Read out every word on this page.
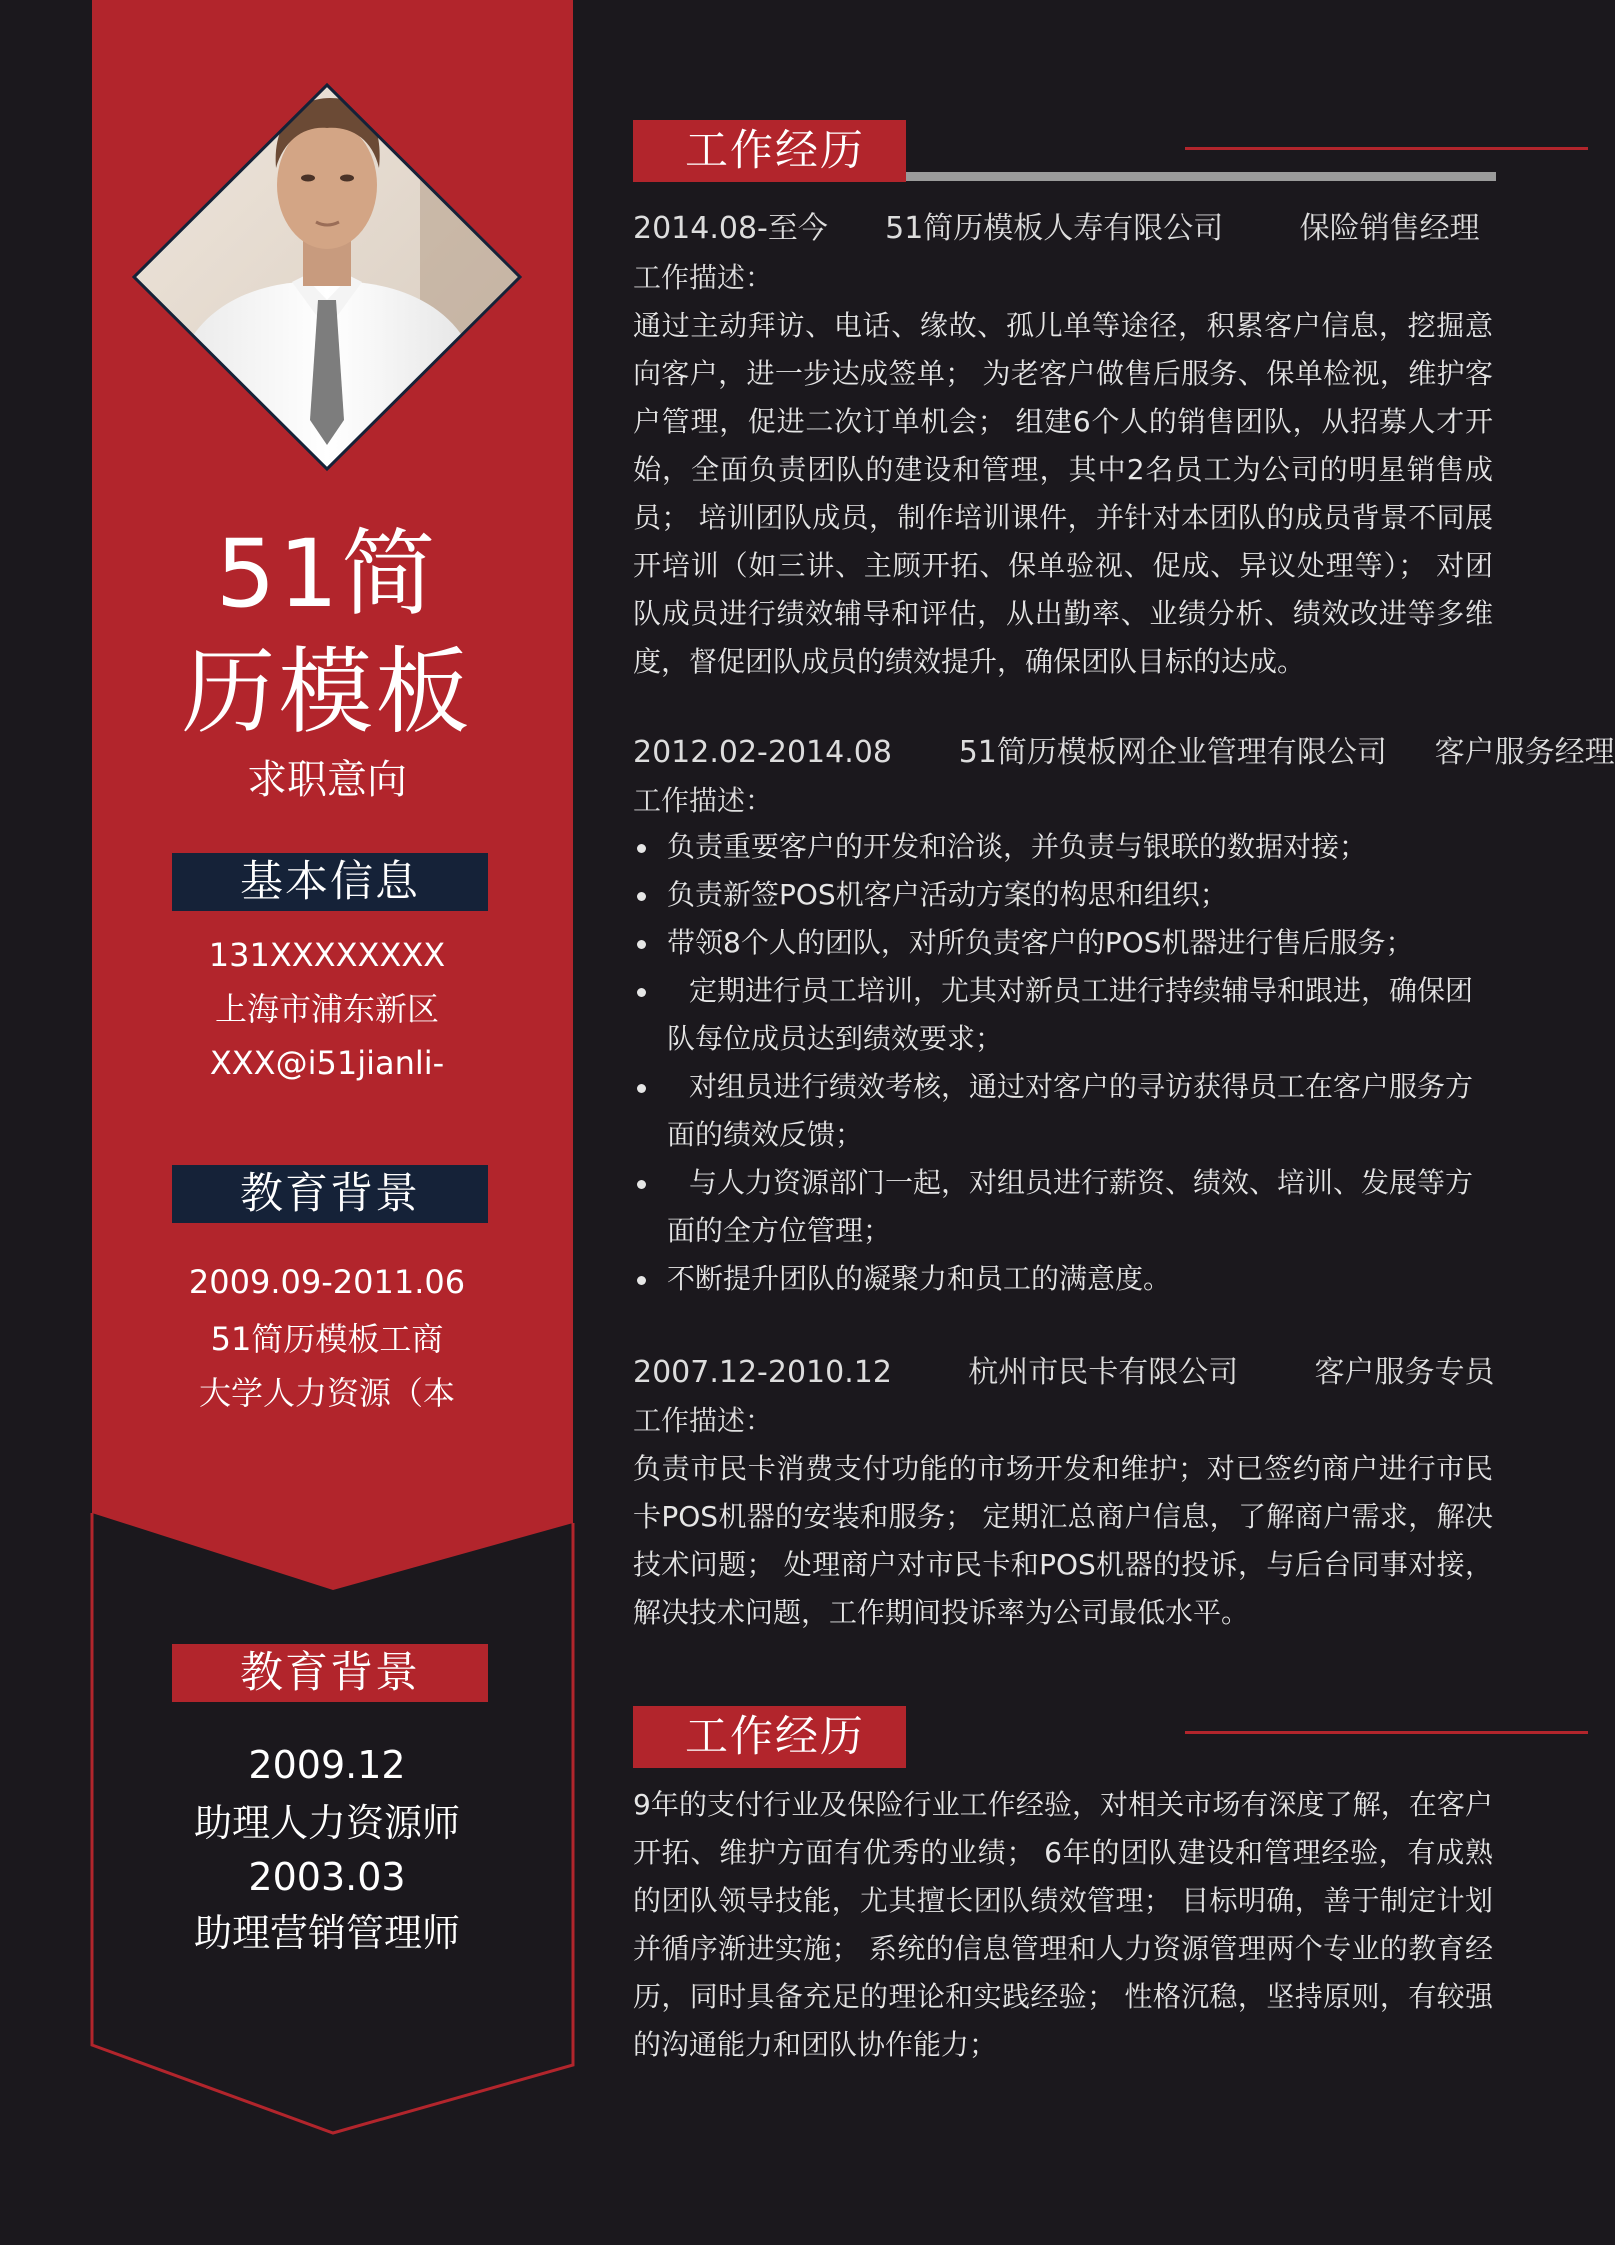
51简
历模板
求职意向
基本信息
131XXXXXXXX
上海市浦东新区
XXX@i51jianli-
教育背景
2009.09-2011.06
51简历模板工商
大学人力资源（本
教育背景
2009.12
助理人力资源师
2003.03
助理营销管理师
工作经历
2014.08-至今 51简历模板人寿有限公司	保险销售经理
工作描述：
通过主动拜访、电话、缘故、孤儿单等途径，积累客户信息，挖掘意向客户，进一步达成签单； 为老客户做售后服务、保单检视，维护客户管理，促进二次订单机会； 组建6个人的销售团队，从招募人才开始，全面负责团队的建设和管理，其中2名员工为公司的明星销售成员； 培训团队成员，制作培训课件，并针对本团队的成员背景不同展开培训（如三讲、主顾开拓、保单验视、促成、异议处理等）； 对团队成员进行绩效辅导和评估，从出勤率、业绩分析、绩效改进等多维度，督促团队成员的绩效提升，确保团队目标的达成。
2012.02-2014.08 51简历模板网企业管理有限公司 客户服务经理
工作描述：
负责重要客户的开发和洽谈，并负责与银联的数据对接；
负责新签POS机客户活动方案的构思和组织；
带领8个人的团队，对所负责客户的POS机器进行售后服务；
定期进行员工培训，尤其对新员工进行持续辅导和跟进，确保团队每位成员达到绩效要求；
对组员进行绩效考核，通过对客户的寻访获得员工在客户服务方面的绩效反馈；
与人力资源部门一起，对组员进行薪资、绩效、培训、发展等方面的全方位管理；
不断提升团队的凝聚力和员工的满意度。
2007.12-2010.12	杭州市民卡有限公司	客户服务专员
工作描述：
负责市民卡消费支付功能的市场开发和维护；对已签约商户进行市民卡POS机器的安装和服务； 定期汇总商户信息，了解商户需求，解决技术问题； 处理商户对市民卡和POS机器的投诉，与后台同事对接，解决技术问题，工作期间投诉率为公司最低水平。
工作经历
9年的支付行业及保险行业工作经验，对相关市场有深度了解，在客户开拓、维护方面有优秀的业绩； 6年的团队建设和管理经验，有成熟的团队领导技能，尤其擅长团队绩效管理； 目标明确，善于制定计划并循序渐进实施； 系统的信息管理和人力资源管理两个专业的教育经历，同时具备充足的理论和实践经验； 性格沉稳，坚持原则，有较强的沟通能力和团队协作能力；
